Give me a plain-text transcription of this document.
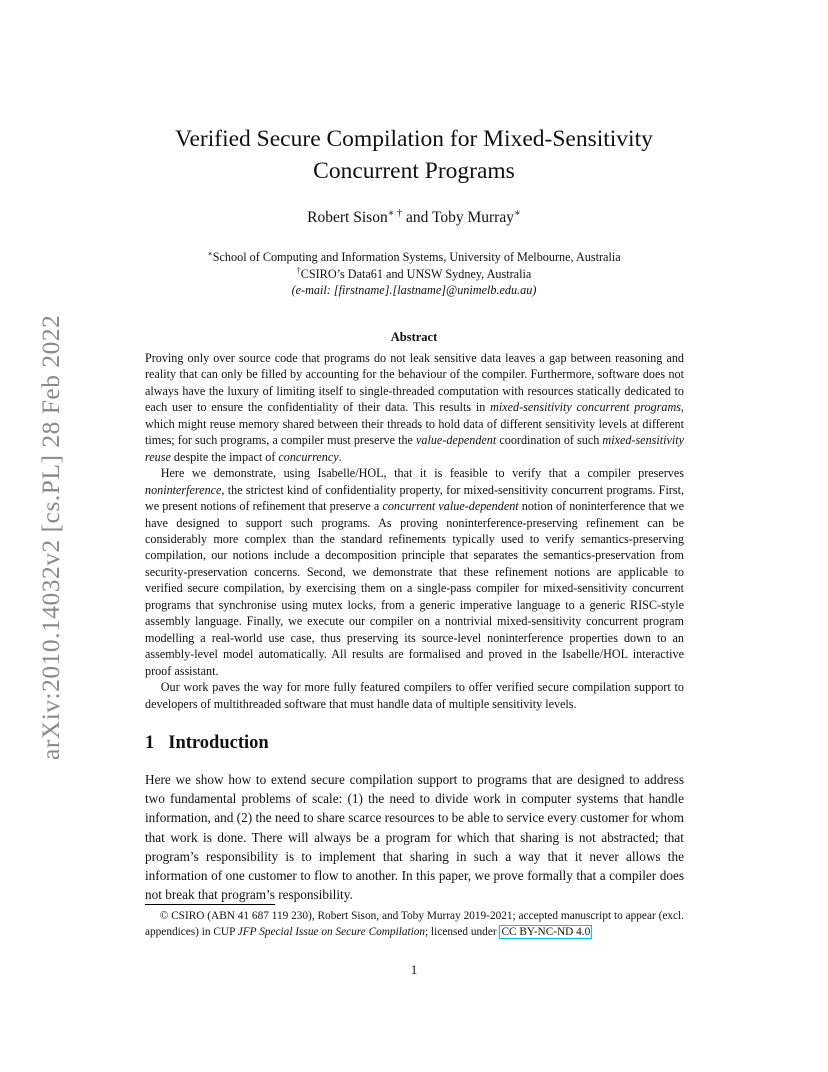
arXiv:2010.14032v2 [cs.PL] 28 Feb 2022
Verified Secure Compilation for Mixed-Sensitivity
Concurrent Programs
Robert Sison∗ † and Toby Murray∗
∗School of Computing and Information Systems, University of Melbourne, Australia
†CSIRO’s Data61 and UNSW Sydney, Australia
(e-mail: [firstname].[lastname]@unimelb.edu.au)
Abstract

Proving only over source code that programs do not leak sensitive data leaves a gap between reasoning and reality that can only be filled by accounting for the behaviour of the compiler. Furthermore, software does not always have the luxury of limiting itself to single-threaded computation with resources statically dedicated to each user to ensure the confidentiality of their data. This results in mixed-sensitivity concurrent programs, which might reuse memory shared between their threads to hold data of different sensitivity levels at different times; for such programs, a compiler must preserve the value-dependent coordination of such mixed-sensitivity reuse despite the impact of concurrency.

Here we demonstrate, using Isabelle/HOL, that it is feasible to verify that a compiler preserves noninterference, the strictest kind of confidentiality property, for mixed-sensitivity concurrent programs. First, we present notions of refinement that preserve a concurrent value-dependent notion of noninterference that we have designed to support such programs. As proving noninterference-preserving refinement can be considerably more complex than the standard refinements typically used to verify semantics-preserving compilation, our notions include a decomposition principle that separates the semantics-preservation from security-preservation concerns. Second, we demonstrate that these refinement notions are applicable to verified secure compilation, by exercising them on a single-pass compiler for mixed-sensitivity concurrent programs that synchronise using mutex locks, from a generic imperative language to a generic RISC-style assembly language. Finally, we execute our compiler on a nontrivial mixed-sensitivity concurrent program modelling a real-world use case, thus preserving its source-level noninterference properties down to an assembly-level model automatically. All results are formalised and proved in the Isabelle/HOL interactive proof assistant.

Our work paves the way for more fully featured compilers to offer verified secure compilation support to developers of multithreaded software that must handle data of multiple sensitivity levels.

1 Introduction

Here we show how to extend secure compilation support to programs that are designed to address two fundamental problems of scale: (1) the need to divide work in computer systems that handle information, and (2) the need to share scarce resources to be able to service every customer for whom that work is done. There will always be a program for which that sharing is not abstracted; that program’s responsibility is to implement that sharing in such a way that it never allows the information of one customer to flow to another. In this paper, we prove formally that a compiler does not break that program’s responsibility.

© CSIRO (ABN 41 687 119 230), Robert Sison, and Toby Murray 2019-2021; accepted manuscript to appear (excl. appendices) in CUP JFP Special Issue on Secure Compilation; licensed under CC BY-NC-ND 4.0
1
